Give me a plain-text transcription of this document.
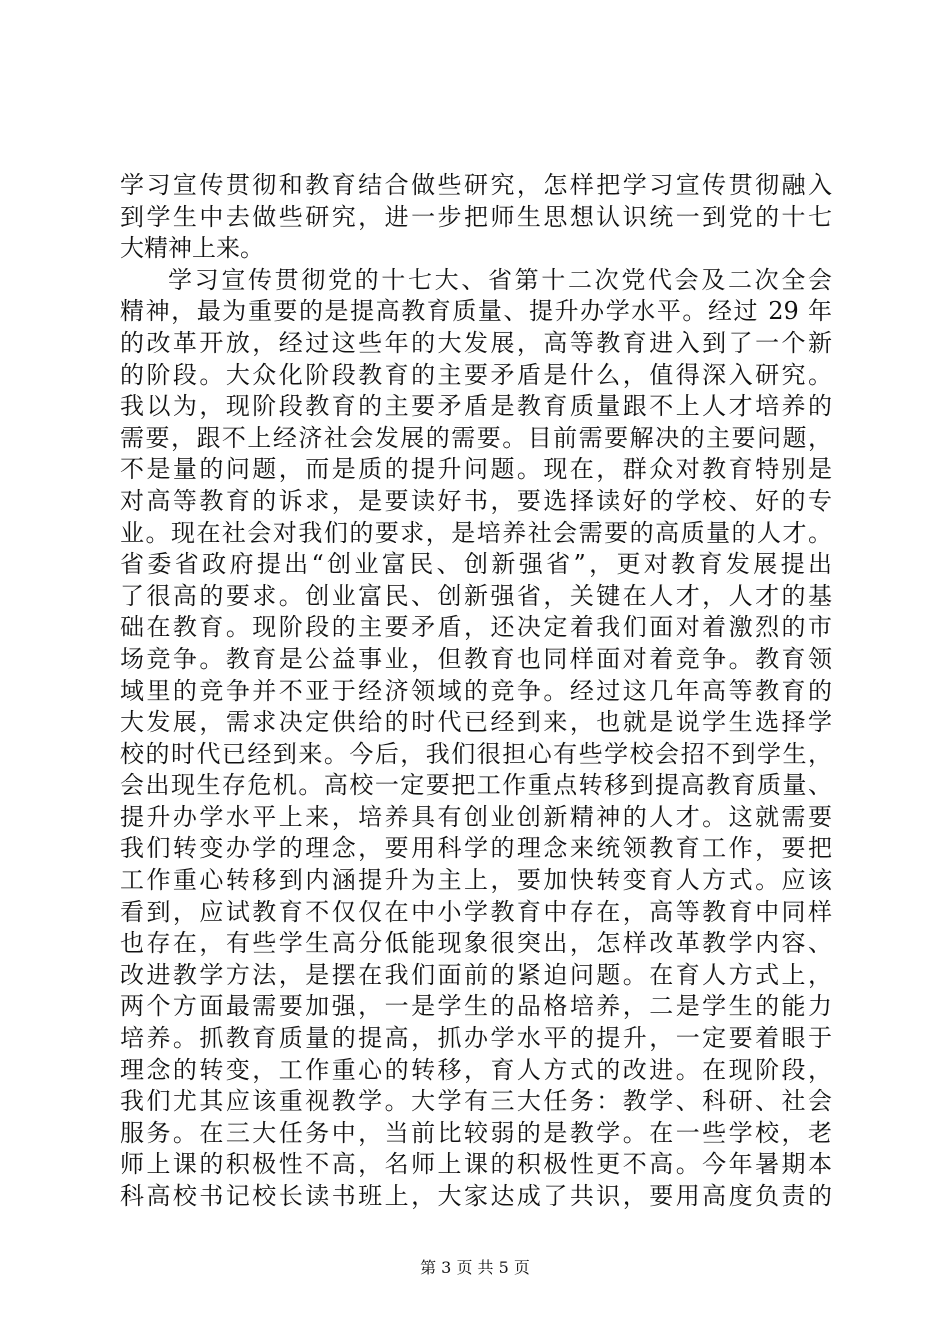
学习宣传贯彻和教育结合做些研究，怎样把学习宣传贯彻融入
到学生中去做些研究，进一步把师生思想认识统一到党的十七
大精神上来。
学习宣传贯彻党的十七大、省第十二次党代会及二次全会
精神，最为重要的是提高教育质量、提升办学水平。经过 29 年
的改革开放，经过这些年的大发展，高等教育进入到了一个新
的阶段。大众化阶段教育的主要矛盾是什么，值得深入研究。
我以为，现阶段教育的主要矛盾是教育质量跟不上人才培养的
需要，跟不上经济社会发展的需要。目前需要解决的主要问题，
不是量的问题，而是质的提升问题。现在，群众对教育特别是
对高等教育的诉求，是要读好书，要选择读好的学校、好的专
业。现在社会对我们的要求，是培养社会需要的高质量的人才。
省委省政府提出“创业富民、创新强省”，更对教育发展提出
了很高的要求。创业富民、创新强省，关键在人才，人才的基
础在教育。现阶段的主要矛盾，还决定着我们面对着激烈的市
场竞争。教育是公益事业，但教育也同样面对着竞争。教育领
域里的竞争并不亚于经济领域的竞争。经过这几年高等教育的
大发展，需求决定供给的时代已经到来，也就是说学生选择学
校的时代已经到来。今后，我们很担心有些学校会招不到学生，
会出现生存危机。高校一定要把工作重点转移到提高教育质量、
提升办学水平上来，培养具有创业创新精神的人才。这就需要
我们转变办学的理念，要用科学的理念来统领教育工作，要把
工作重心转移到内涵提升为主上，要加快转变育人方式。应该
看到，应试教育不仅仅在中小学教育中存在，高等教育中同样
也存在，有些学生高分低能现象很突出，怎样改革教学内容、
改进教学方法，是摆在我们面前的紧迫问题。在育人方式上，
两个方面最需要加强，一是学生的品格培养，二是学生的能力
培养。抓教育质量的提高，抓办学水平的提升，一定要着眼于
理念的转变，工作重心的转移，育人方式的改进。在现阶段，
我们尤其应该重视教学。大学有三大任务：教学、科研、社会
服务。在三大任务中，当前比较弱的是教学。在一些学校，老
师上课的积极性不高，名师上课的积极性更不高。今年暑期本
科高校书记校长读书班上，大家达成了共识，要用高度负责的
第 3 页 共 5 页
